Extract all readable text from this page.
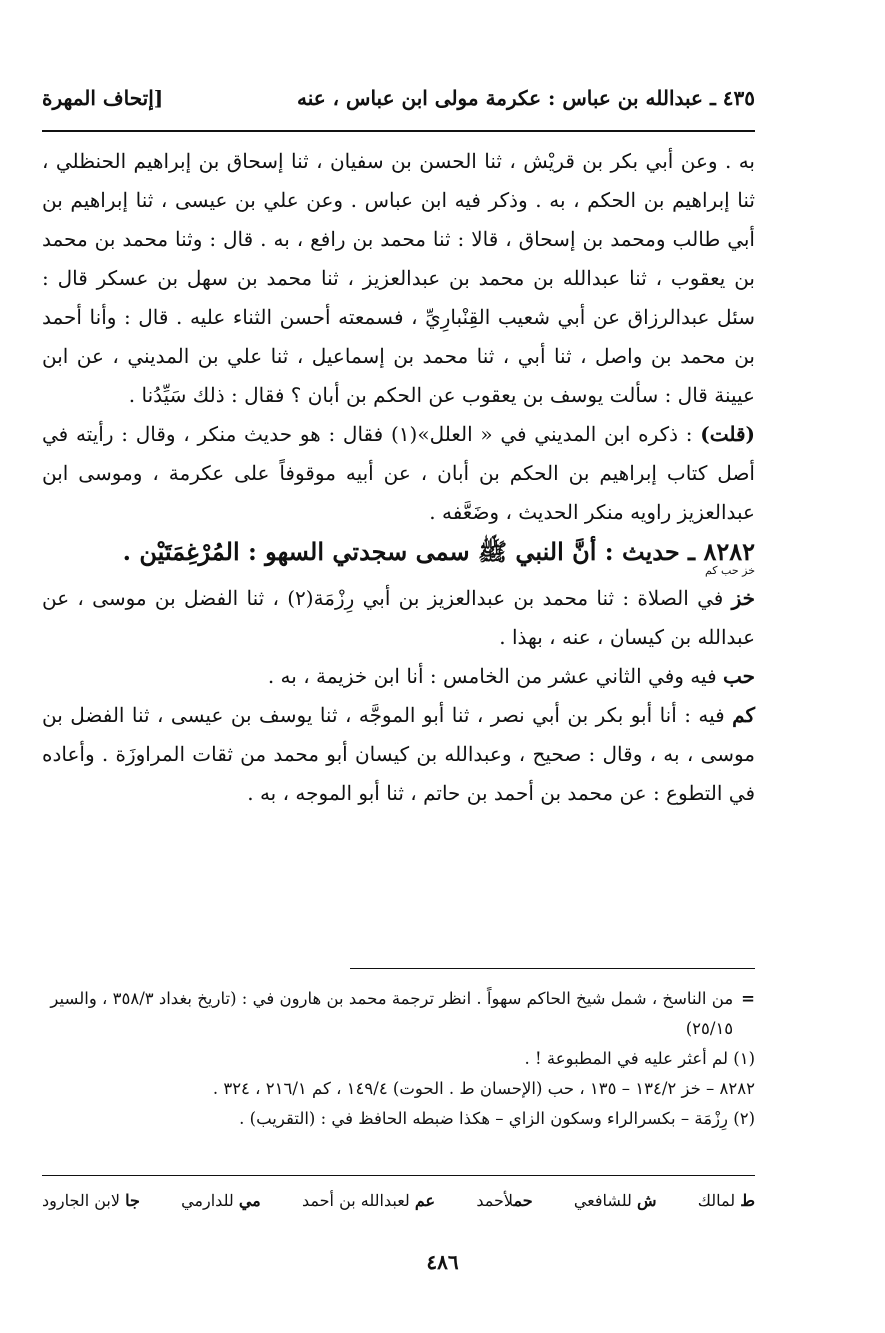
٤٣٥ ـ عبدالله بن عباس : عكرمة مولى ابن عباس ، عنه
[إتحاف المهرة

به . وعن أبي بكر بن قريْش ، ثنا الحسن بن سفيان ، ثنا إسحاق بن إبراهيم الحنظلي ، ثنا إبراهيم بن الحكم ، به . وذكر فيه ابن عباس . وعن علي بن عيسى ، ثنا إبراهيم بن أبي طالب ومحمد بن إسحاق ، قالا : ثنا محمد بن رافع ، به . قال : وثنا محمد بن محمد بن يعقوب ، ثنا عبدالله بن محمد بن عبدالعزيز ، ثنا محمد بن سهل بن عسكر قال : سئل عبدالرزاق عن أبي شعيب القِنْبارِيِّ ، فسمعته أحسن الثناء عليه . قال : وأنا أحمد بن محمد بن واصل ، ثنا أبي ، ثنا محمد بن إسماعيل ، ثنا علي بن المديني ، عن ابن عيينة قال : سألت يوسف بن يعقوب عن الحكم بن أبان ؟ فقال : ذلك سَيِّدُنا .

(قلت) : ذكره ابن المديني في « العلل»(١) فقال : هو حديث منكر ، وقال : رأيته في أصل كتاب إبراهيم بن الحكم بن أبان ، عن أبيه موقوفاً على عكرمة ، وموسى ابن عبدالعزيز راويه منكر الحديث ، وضَعَّفه .

٨٢٨٢ ـ حديث : أنَّ النبي ﷺ سمى سجدتي السهو : المُرْغِمَتَيْن .
خز حب كم

خز في الصلاة : ثنا محمد بن عبدالعزيز بن أبي رِزْمَة(٢) ، ثنا الفضل بن موسى ، عن عبدالله بن كيسان ، عنه ، بهذا .

حب فيه وفي الثاني عشر من الخامس : أنا ابن خزيمة ، به .

كم فيه : أنا أبو بكر بن أبي نصر ، ثنا أبو الموجَّه ، ثنا يوسف بن عيسى ، ثنا الفضل بن موسى ، به ، وقال : صحيح ، وعبدالله بن كيسان أبو محمد من ثقات المراوزَة . وأعاده في التطوع : عن محمد بن أحمد بن حاتم ، ثنا أبو الموجه ، به .

=
من الناسخ ، شمل شيخ الحاكم سهواً . انظر ترجمة محمد بن هارون في : (تاريخ بغداد ٣٥٨/٣ ، والسير ٢٥/١٥)

(١) لم أعثر عليه في المطبوعة ! .

٨٢٨٢ – خز ١٣٤/٢ – ١٣٥ ، حب (الإحسان ط . الحوت) ١٤٩/٤ ، كم ٢١٦/١ ، ٣٢٤ .

(٢) رِزْمَة – بكسرالراء وسكون الزاي – هكذا ضبطه الحافظ في : (التقريب) .

ط لمالك
ش للشافعي
حملأحمد
عم لعبدالله بن أحمد
مي للدارمي
جا لابن الجارود
٤٨٦
